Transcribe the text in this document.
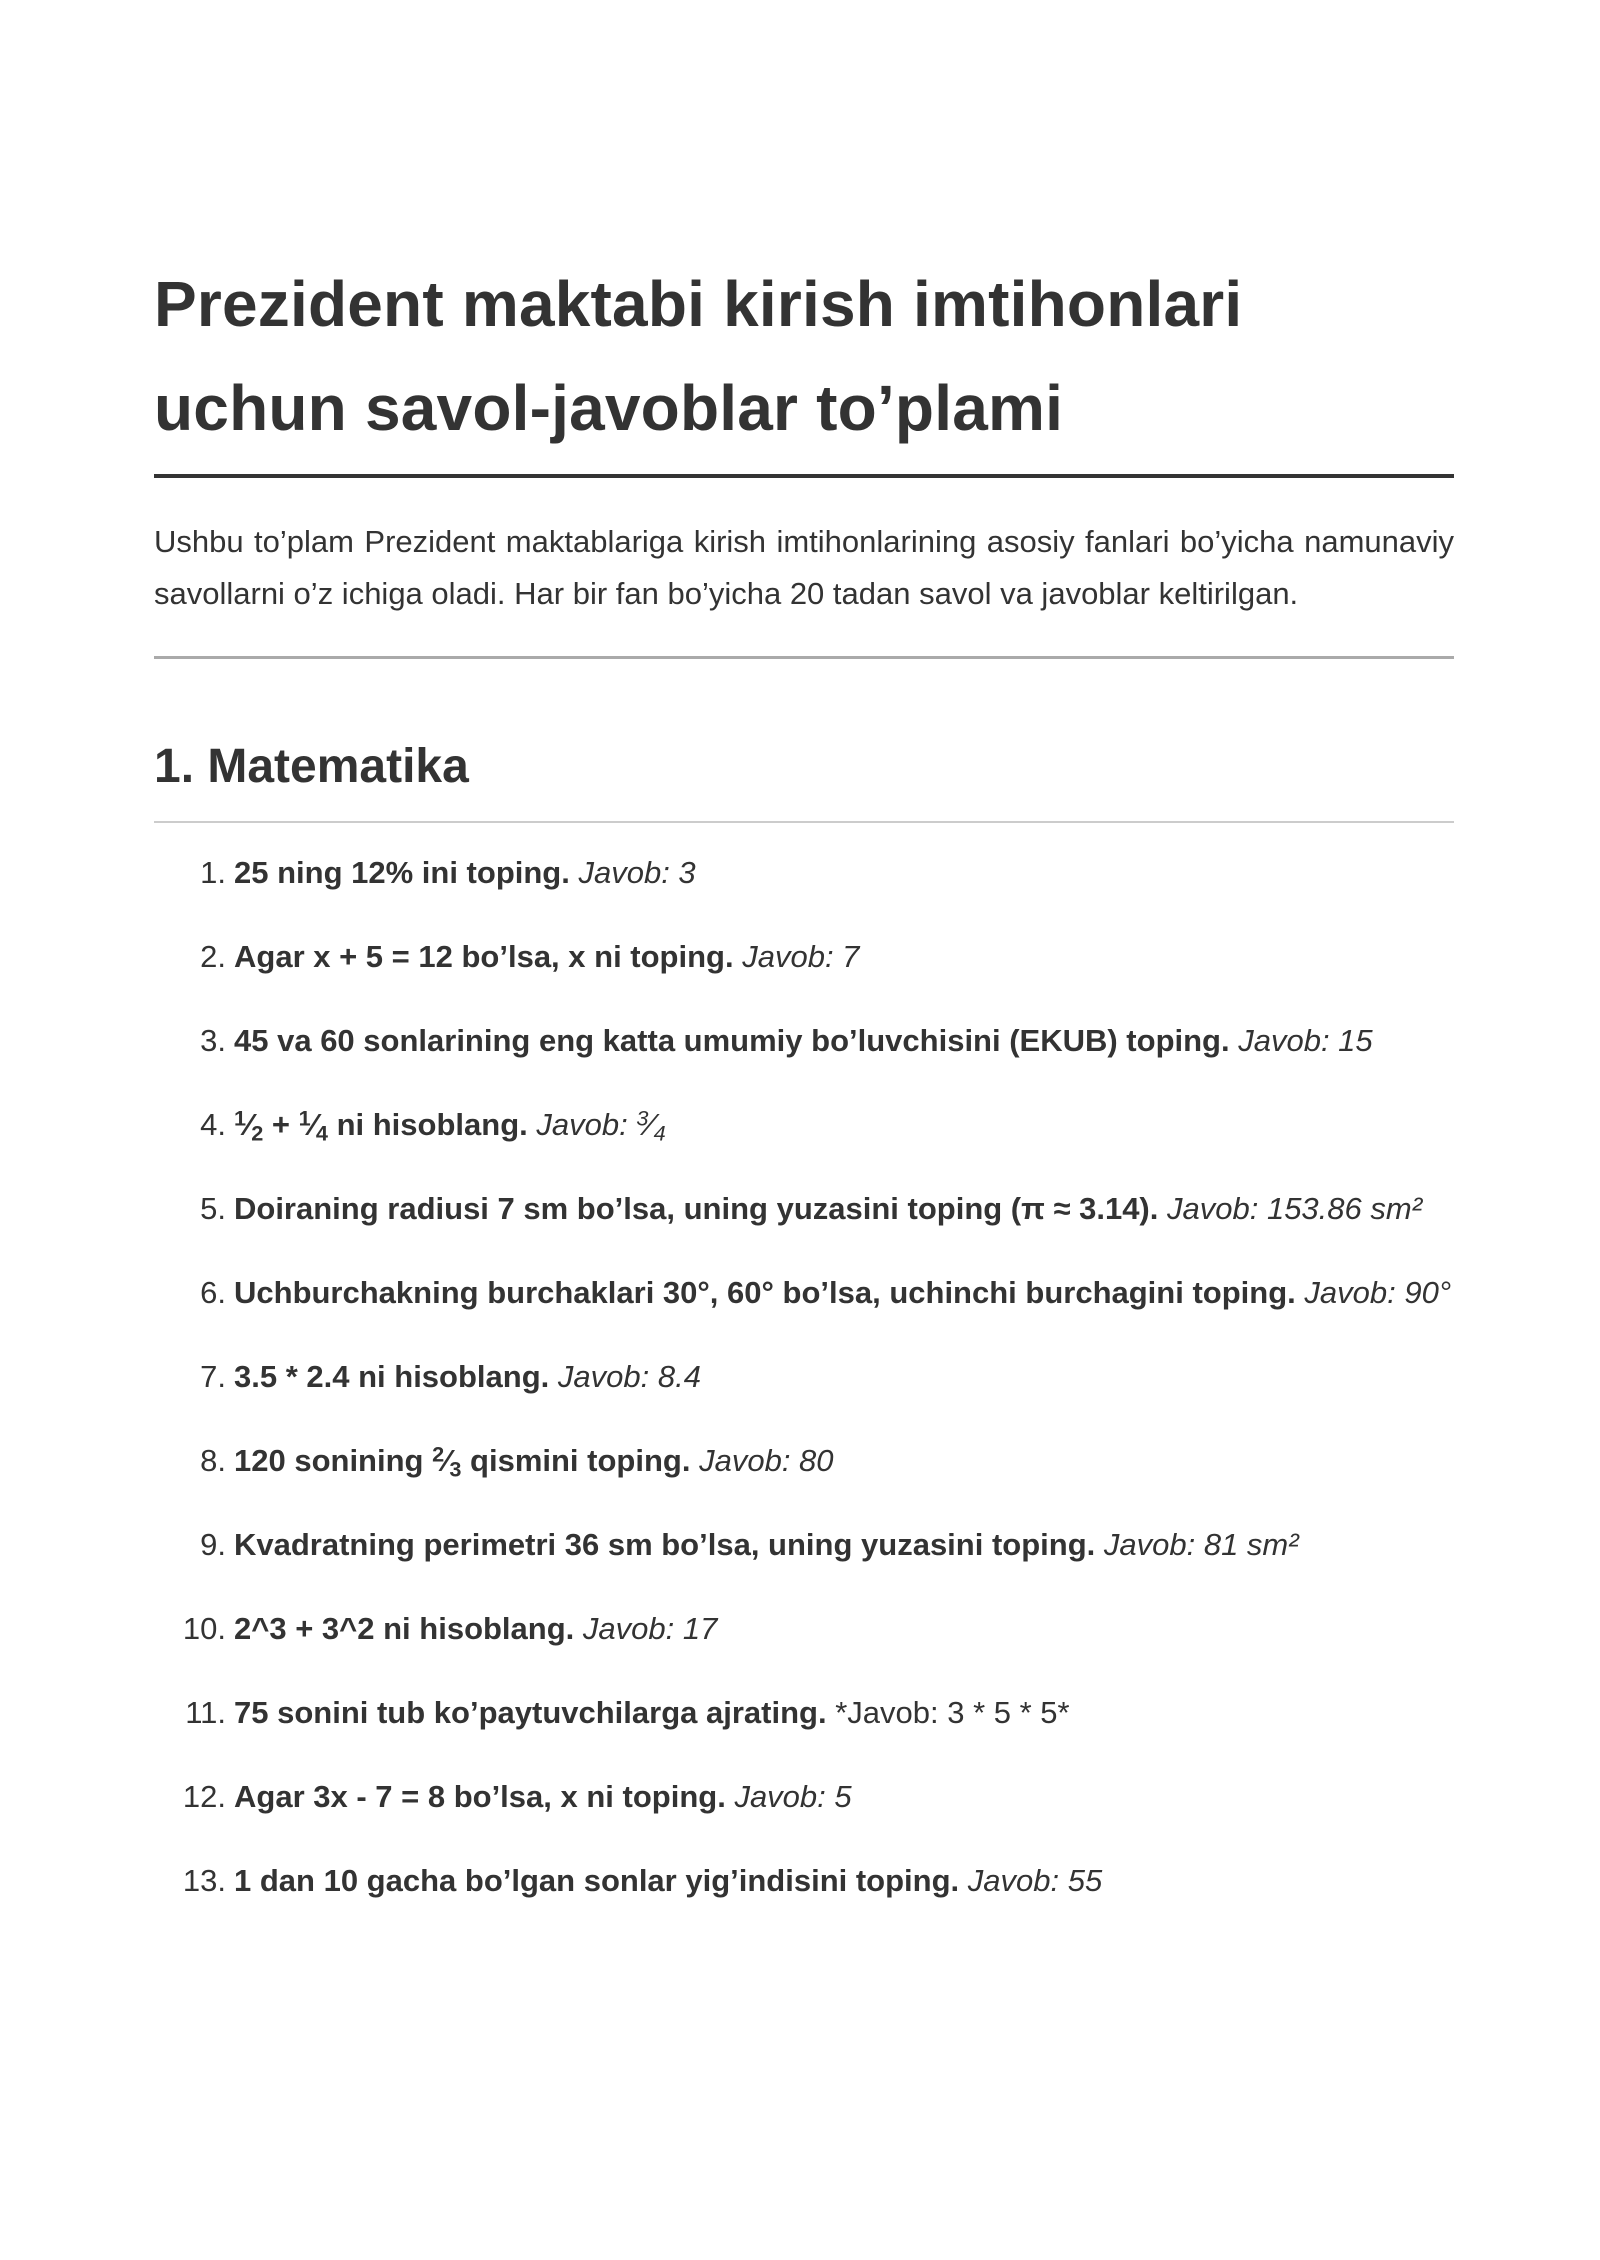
Prezident maktabi kirish imtihonlari
uchun savol-javoblar to’plami

Ushbu to’plam Prezident maktablariga kirish imtihonlarining asosiy fanlari bo’yicha namunaviy savollarni o’z ichiga oladi. Har bir fan bo’yicha 20 tadan savol va javoblar keltirilgan.

1. Matematika
1. 25 ning 12% ini toping. Javob: 3
2. Agar x + 5 = 12 bo’lsa, x ni toping. Javob: 7
3. 45 va 60 sonlarining eng katta umumiy bo’luvchisini (EKUB) toping. Javob: 15
4. $^1⁄_2$ + $^1⁄_4$ ni hisoblang. Javob: $^3⁄_4$
5. Doiraning radiusi 7 sm bo’lsa, uning yuzasini toping (π ≈ 3.14). Javob: 153.86 sm²
6. Uchburchakning burchaklari 30°, 60° bo’lsa, uchinchi burchagini toping. Javob: 90°
7. 3.5 * 2.4 ni hisoblang. Javob: 8.4
8. 120 sonining $^2⁄_3$ qismini toping. Javob: 80
9. Kvadratning perimetri 36 sm bo’lsa, uning yuzasini toping. Javob: 81 sm²
10. 2^3 + 3^2 ni hisoblang. Javob: 17
11. 75 sonini tub ko’paytuvchilarga ajrating. *Javob: 3 * 5 * 5*
12. Agar 3x - 7 = 8 bo’lsa, x ni toping. Javob: 5
13. 1 dan 10 gacha bo’lgan sonlar yig’indisini toping. Javob: 55
